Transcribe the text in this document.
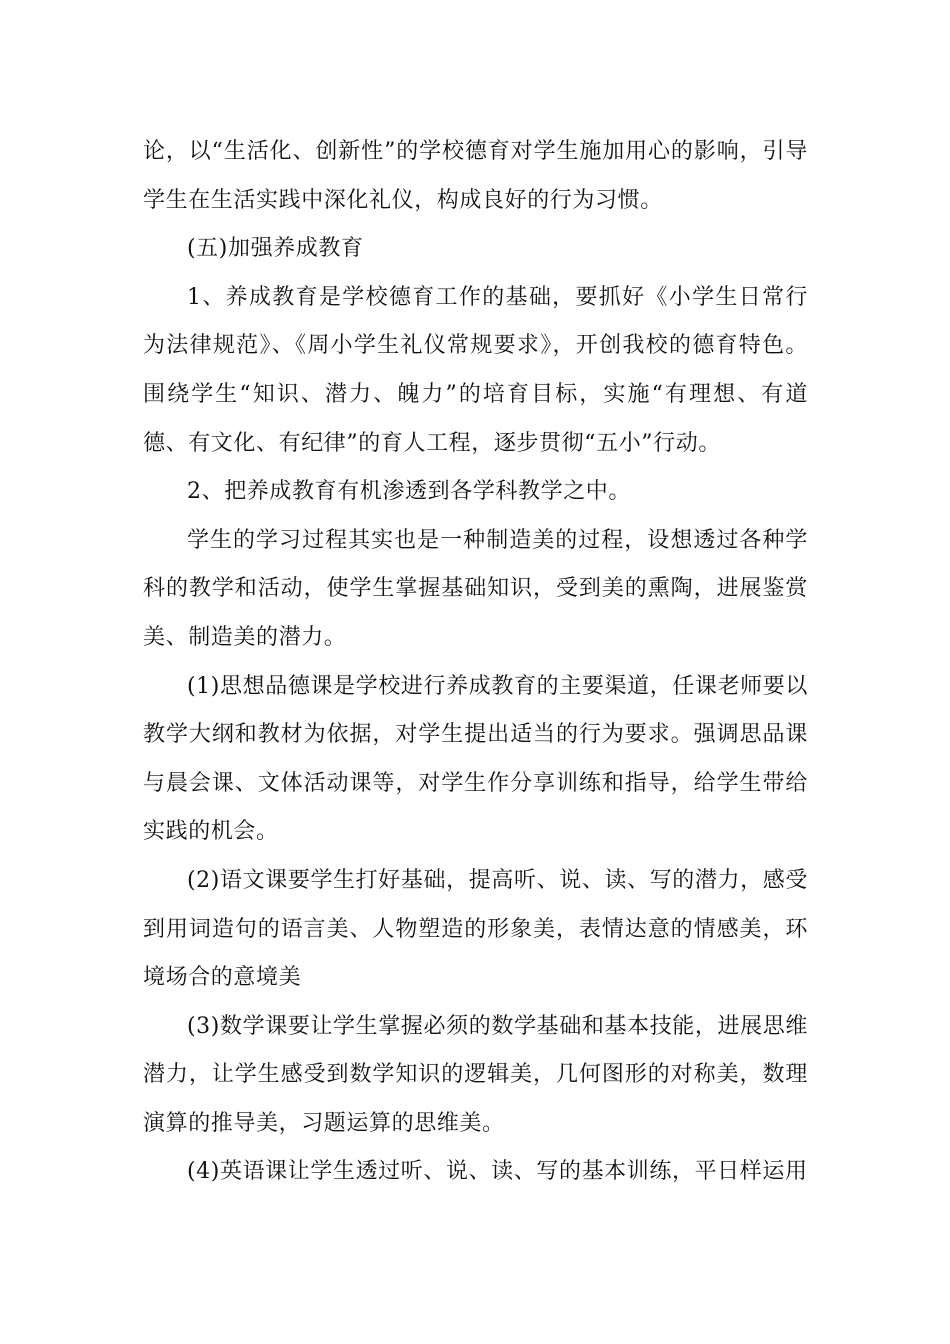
论，以“生活化、创新性”的学校德育对学生施加用心的影响，引导学生在生活实践中深化礼仪，构成良好的行为习惯。

(五)加强养成教育

1、养成教育是学校德育工作的基础，要抓好《小学生日常行为法律规范》、《周小学生礼仪常规要求》，开创我校的德育特色。围绕学生“知识、潜力、魄力”的培育目标，实施“有理想、有道德、有文化、有纪律”的育人工程，逐步贯彻“五小”行动。

2、把养成教育有机渗透到各学科教学之中。

学生的学习过程其实也是一种制造美的过程，设想透过各种学科的教学和活动，使学生掌握基础知识，受到美的熏陶，进展鉴赏美、制造美的潜力。

(1)思想品德课是学校进行养成教育的主要渠道，任课老师要以教学大纲和教材为依据，对学生提出适当的行为要求。强调思品课与晨会课、文体活动课等，对学生作分享训练和指导，给学生带给实践的机会。

(2)语文课要学生打好基础，提高听、说、读、写的潜力，感受到用词造句的语言美、人物塑造的形象美，表情达意的情感美，环境场合的意境美

(3)数学课要让学生掌握必须的数学基础和基本技能，进展思维潜力，让学生感受到数学知识的逻辑美，几何图形的对称美，数理演算的推导美，习题运算的思维美。

(4)英语课让学生透过听、说、读、写的基本训练，平日样运用
